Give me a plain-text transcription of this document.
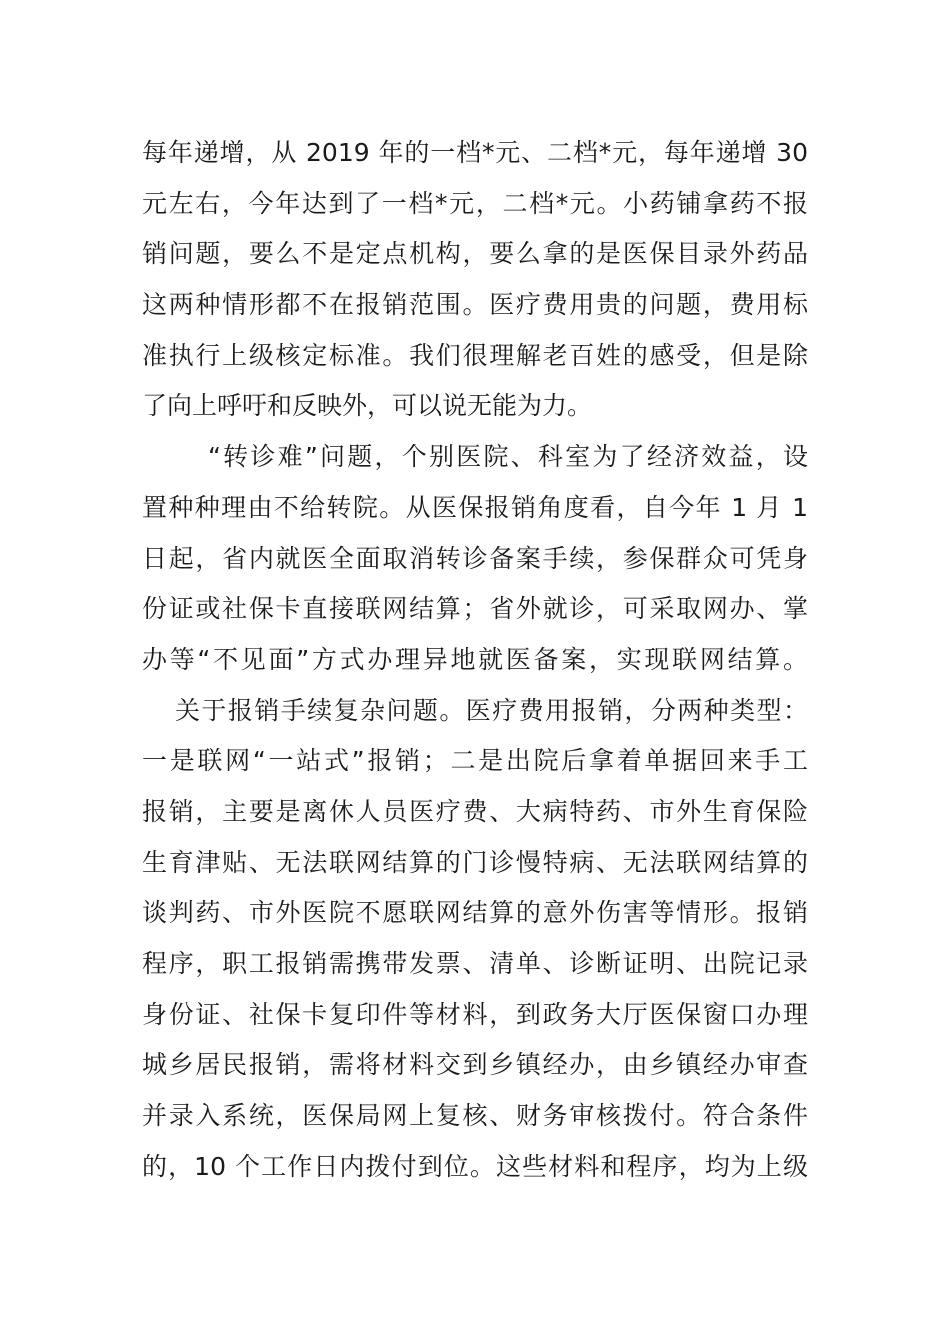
每年递增，从 2019 年的一档*元、二档*元，每年递增 30
元左右，今年达到了一档*元，二档*元。小药铺拿药不报
销问题，要么不是定点机构，要么拿的是医保目录外药品
这两种情形都不在报销范围。医疗费用贵的问题，费用标
准执行上级核定标准。我们很理解老百姓的感受，但是除
了向上呼吁和反映外，可以说无能为力。
“转诊难”问题，个别医院、科室为了经济效益，设
置种种理由不给转院。从医保报销角度看，自今年 1 月 1
日起，省内就医全面取消转诊备案手续，参保群众可凭身
份证或社保卡直接联网结算；省外就诊，可采取网办、掌
办等“不见面”方式办理异地就医备案，实现联网结算。
关于报销手续复杂问题。医疗费用报销，分两种类型：
一是联网“一站式”报销；二是出院后拿着单据回来手工
报销，主要是离休人员医疗费、大病特药、市外生育保险
生育津贴、无法联网结算的门诊慢特病、无法联网结算的
谈判药、市外医院不愿联网结算的意外伤害等情形。报销
程序，职工报销需携带发票、清单、诊断证明、出院记录
身份证、社保卡复印件等材料，到政务大厅医保窗口办理
城乡居民报销，需将材料交到乡镇经办，由乡镇经办审查
并录入系统，医保局网上复核、财务审核拨付。符合条件
的，10 个工作日内拨付到位。这些材料和程序，均为上级
